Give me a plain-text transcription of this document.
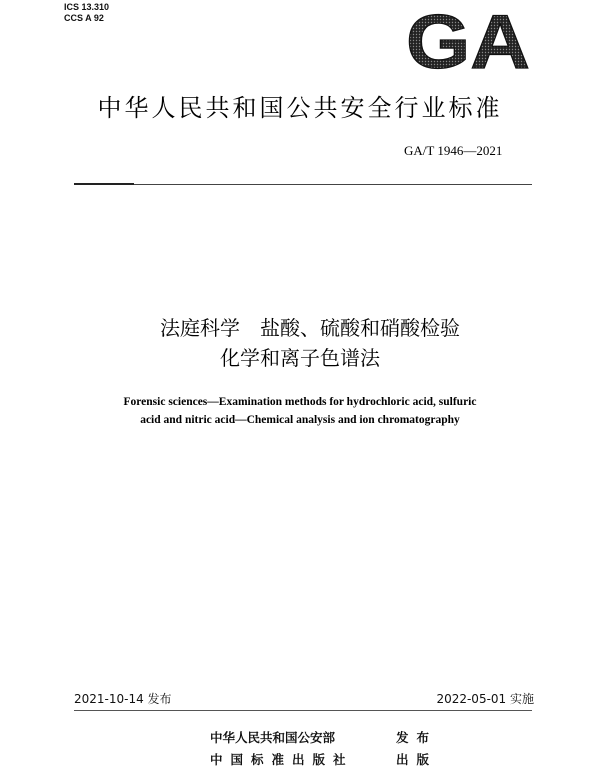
ICS 13.310
CCS A 92	GA
中华人民共和国公共安全行业标准
GA/T 1946—2021
法庭科学　盐酸、硫酸和硝酸检验
化学和离子色谱法
Forensic sciences—Examination methods for hydrochloric acid, sulfuric
acid and nitric acid—Chemical analysis and ion chromatography
2021-10-14 发布	2022-05-01 实施
中华人民共和国公安部	发布
中国标准出版社	出版
